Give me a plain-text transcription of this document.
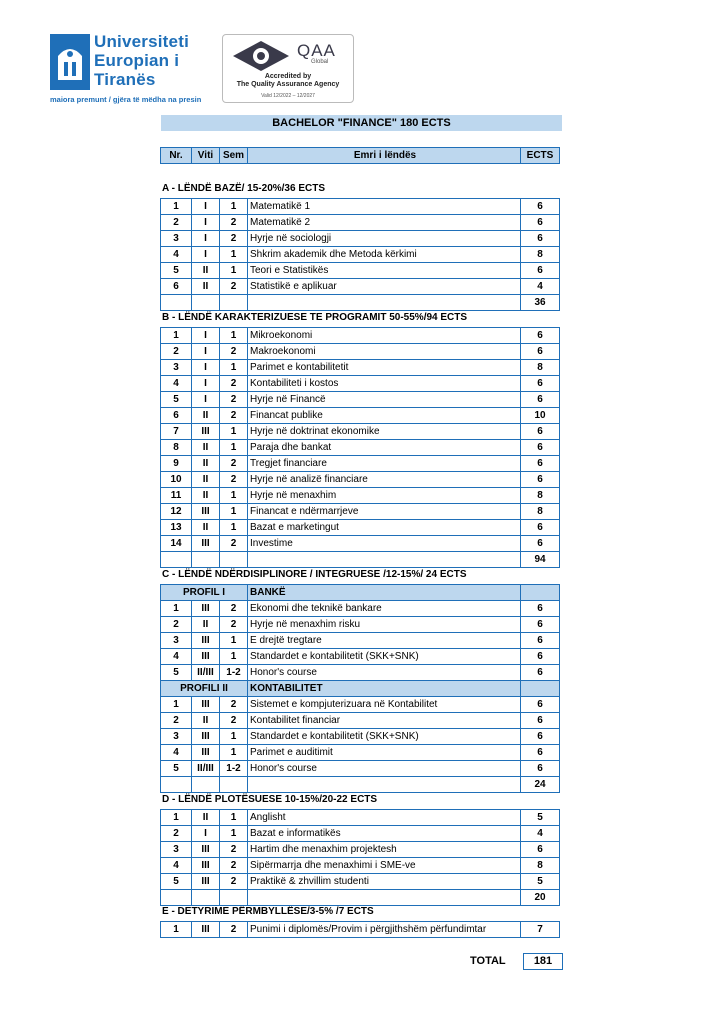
Universiteti
Europian i
Tiranës
maiora premunt / gjëra të mëdha na presin
QAA
Global
Accredited by
The Quality Assurance Agency
Valid 12/2022 – 12/2027
BACHELOR "FINANCE" 180 ECTS
Nr.	Viti	Sem	Emri i lëndës	ECTS
A - LËNDË BAZË/ 15-20%/36 ECTS
B - LËNDË KARAKTERIZUESE TE PROGRAMIT 50-55%/94 ECTS
C - LËNDË NDËRDISIPLINORE / INTEGRUESE /12-15%/ 24 ECTS
D - LËNDË PLOTËSUESE 10-15%/20-22 ECTS
E - DETYRIME PËRMBYLLËSE/3-5% /7 ECTS
1	I	1	Matematikë 1	6
2	I	2	Matematikë 2	6
3	I	2	Hyrje në sociologji	6
4	I	1	Shkrim akademik dhe Metoda kërkimi	8
5	II	1	Teori e Statistikës	6
6	II	2	Statistikë e aplikuar	4
				36
1	I	1	Mikroekonomi	6
2	I	2	Makroekonomi	6
3	I	1	Parimet e kontabilitetit	8
4	I	2	Kontabiliteti i kostos	6
5	I	2	Hyrje në Financë	6
6	II	2	Financat publike	10
7	III	1	Hyrje në doktrinat ekonomike	6
8	II	1	Paraja dhe bankat	6
9	II	2	Tregjet financiare	6
10	II	2	Hyrje në analizë financiare	6
11	II	1	Hyrje në menaxhim	8
12	III	1	Financat e ndërmarrjeve	8
13	II	1	Bazat e marketingut	6
14	III	2	Investime	6
				94
PROFIL I			BANKË	
1	III	2	Ekonomi dhe teknikë bankare	6
2	II	2	Hyrje në menaxhim risku	6
3	III	1	E drejtë tregtare	6
4	III	1	Standardet e kontabilitetit (SKK+SNK)	6
5	II/III	1-2	Honor's course	6
PROFILI II			KONTABILITET	
1	III	2	Sistemet e kompjuterizuara në Kontabilitet	6
2	II	2	Kontabilitet financiar	6
3	III	1	Standardet e kontabilitetit (SKK+SNK)	6
4	III	1	Parimet e auditimit	6
5	II/III	1-2	Honor's course	6
				24
1	II	1	Anglisht	5
2	I	1	Bazat e informatikës	4
3	III	2	Hartim dhe menaxhim projektesh	6
4	III	2	Sipërmarrja dhe menaxhimi i SME-ve	8
5	III	2	Praktikë & zhvillim studenti	5
				20
1	III	2	Punimi i diplomës/Provim i përgjithshëm përfundimtar	7
TOTAL	181
